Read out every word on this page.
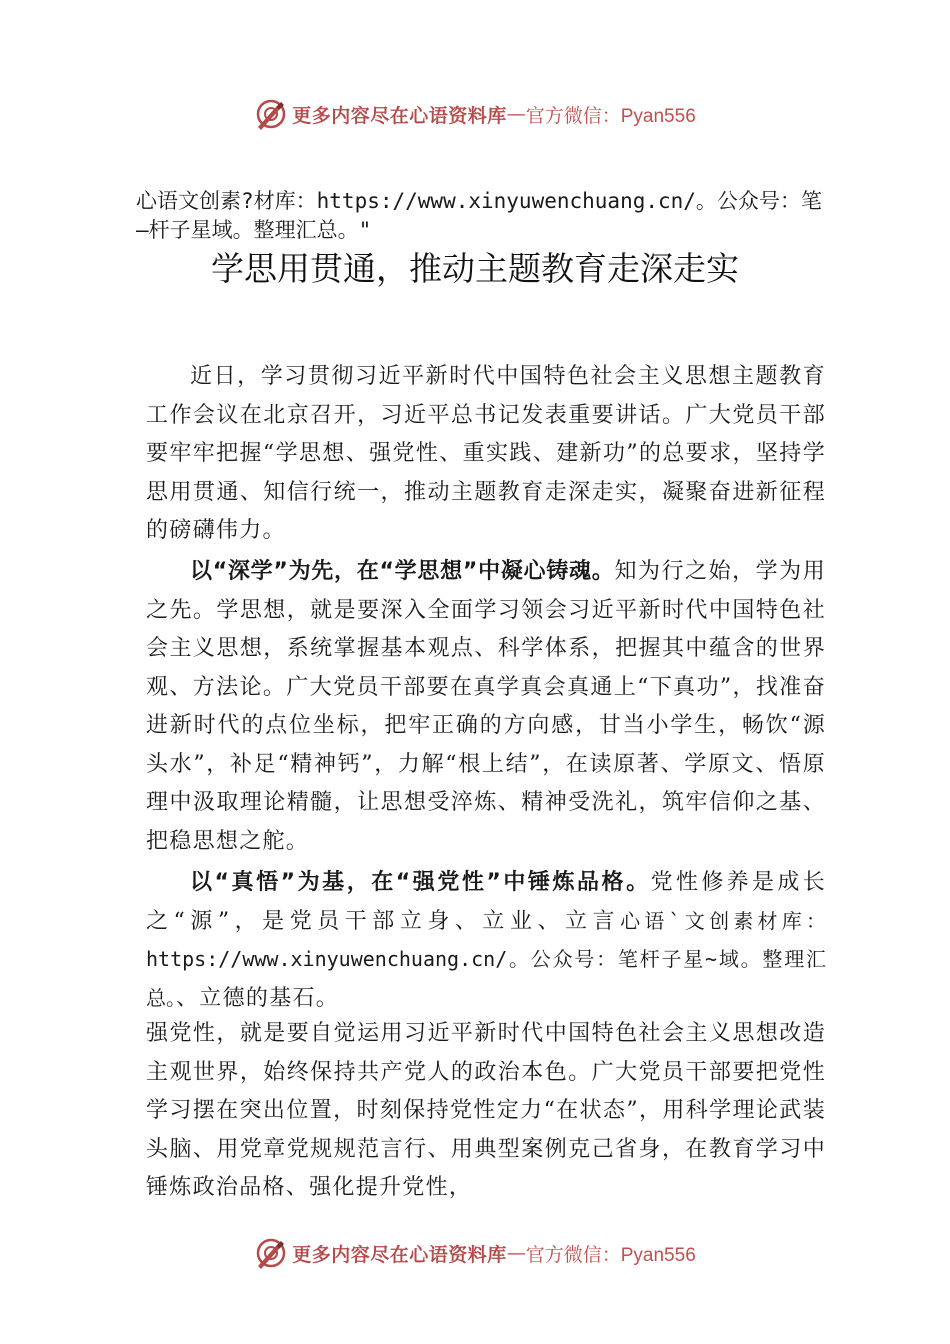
更多内容尽在心语资料库 — 官方微信：Pyan556

心语文创素?材库：https://www.xinyuwenchuang.cn/。公众号：笔—杆子星域。整理汇总。"

学思用贯通，推动主题教育走深走实

近日，学习贯彻习近平新时代中国特色社会主义思想主题教育工作会议在北京召开，习近平总书记发表重要讲话。广大党员干部要牢牢把握“学思想、强党性、重实践、建新功”的总要求，坚持学思用贯通、知信行统一，推动主题教育走深走实，凝聚奋进新征程的磅礴伟力。

以“深学”为先，在“学思想”中凝心铸魂。知为行之始，学为用之先。学思想，就是要深入全面学习领会习近平新时代中国特色社会主义思想，系统掌握基本观点、科学体系，把握其中蕴含的世界观、方法论。广大党员干部要在真学真会真通上“下真功”，找准奋进新时代的点位坐标，把牢正确的方向感，甘当小学生，畅饮“源头水”，补足“精神钙”，力解“根上结”，在读原著、学原文、悟原理中汲取理论精髓，让思想受淬炼、精神受洗礼，筑牢信仰之基、把稳思想之舵。

以“真悟”为基，在“强党性”中锤炼品格。党性修养是成长之“源”，是党员干部立身、立业、立言心语`文创素材库：https://www.xinyuwenchuang.cn/。公众号：笔杆子星~域。整理汇总。、立德的基石。

强党性，就是要自觉运用习近平新时代中国特色社会主义思想改造主观世界，始终保持共产党人的政治本色。广大党员干部要把党性学习摆在突出位置，时刻保持党性定力“在状态”，用科学理论武装头脑、用党章党规规范言行、用典型案例克己省身，在教育学习中锤炼政治品格、强化提升党性，

更多内容尽在心语资料库 — 官方微信：Pyan556
